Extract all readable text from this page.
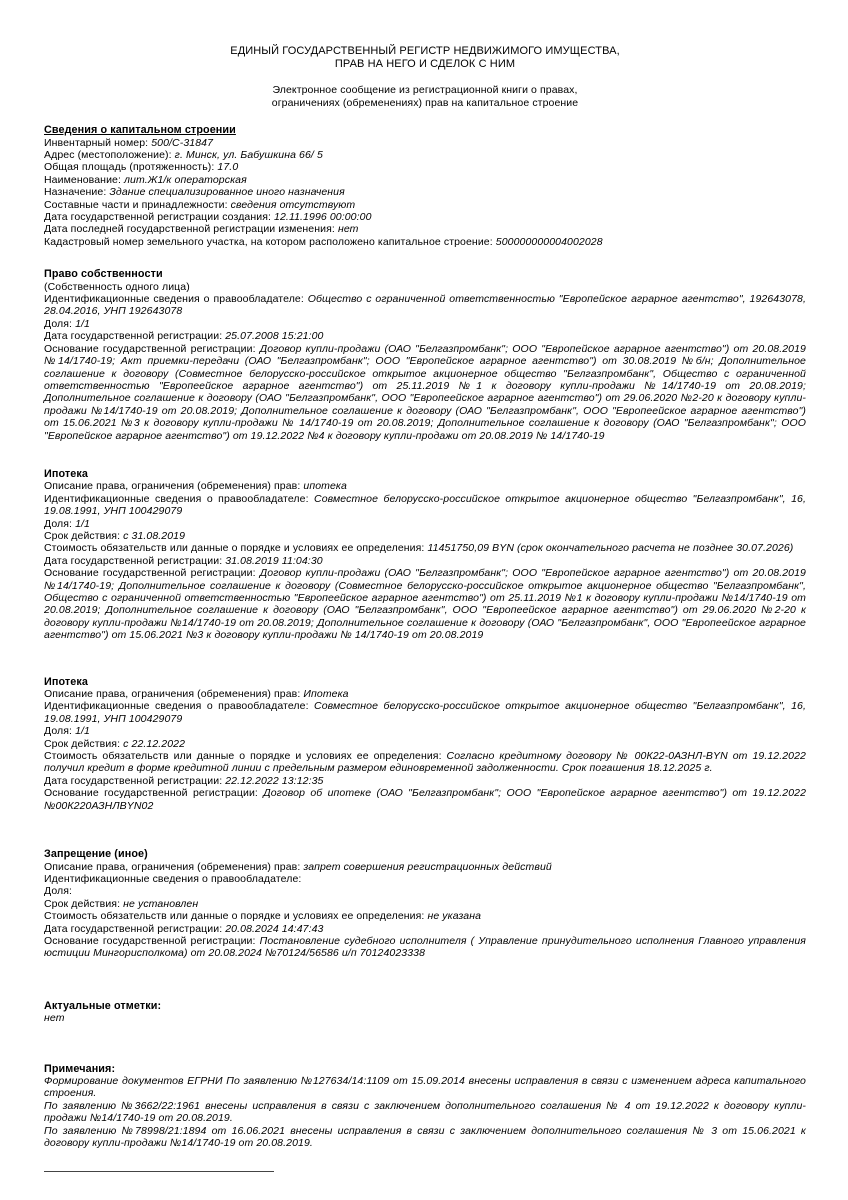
ЕДИНЫЙ ГОСУДАРСТВЕННЫЙ РЕГИСТР НЕДВИЖИМОГО ИМУЩЕСТВА,
ПРАВ НА НЕГО И СДЕЛОК С НИМ
Электронное сообщение из регистрационной книги о правах,
ограничениях (обременениях) прав на капитальное строение
Сведения о капитальном строении

Инвентарный номер: 500/С-31847

Адрес (местоположение): г. Минск, ул. Бабушкина 66/ 5

Общая площадь (протяженность): 17.0

Наименование: лит.Ж1/к операторская

Назначение: Здание специализированное иного назначения

Составные части и принадлежности: сведения отсутствуют

Дата государственной регистрации создания: 12.11.1996 00:00:00

Дата последней государственной регистрации изменения: нет

Кадастровый номер земельного участка, на котором расположено капитальное строение: 500000000004002028

Право собственности

(Собственность одного лица)

Идентификационные сведения о правообладателе: Общество с ограниченной ответственностью "Европейское аграрное агентство", 192643078, 28.04.2016, УНП 192643078

Доля: 1/1

Дата государственной регистрации: 25.07.2008 15:21:00

Основание государственной регистрации: Договор купли-продажи (ОАО "Белгазпромбанк"; ООО "Европейское аграрное агентство") от 20.08.2019 №14/1740-19; Акт приемки-передачи (ОАО "Белгазпромбанк"; ООО "Европейское аграрное агентство") от 30.08.2019 №б/н; Дополнительное соглашение к договору (Совместное белорусско-российское открытое акционерное общество "Белгазпромбанк", Общество с ограниченной ответственностью "Европеейское аграрное агентство") от 25.11.2019 №1 к договору купли-продажи №14/1740-19 от 20.08.2019; Дополнительное соглашение к договору (ОАО "Белгазпромбанк", ООО "Европеейское аграрное агентство") от 29.06.2020 №2-20 к договору купли-продажи №14/1740-19 от 20.08.2019; Дополнительное соглашение к договору (ОАО "Белгазпромбанк", ООО "Европеейское аграрное агентство") от 15.06.2021 №3 к договору купли-продажи № 14/1740-19 от 20.08.2019; Дополнительное соглашение к договору (ОАО "Белгазпромбанк"; ООО "Европейское аграрное агентство") от 19.12.2022 №4 к договору купли-продажи от 20.08.2019 № 14/1740-19

Ипотека

Описание права, ограничения (обременения) прав: ипотека

Идентификационные сведения о правообладателе: Совместное белорусско-российское открытое акционерное общество "Белгазпромбанк", 16, 19.08.1991, УНП 100429079

Доля: 1/1

Срок действия: с 31.08.2019

Стоимость обязательств или данные о порядке и условиях ее определения: 11451750,09 BYN (срок окончательного расчета не позднее 30.07.2026)

Дата государственной регистрации: 31.08.2019 11:04:30

Основание государственной регистрации: Договор купли-продажи (ОАО "Белгазпромбанк"; ООО "Европейское аграрное агентство") от 20.08.2019 №14/1740-19; Дополнительное соглашение к договору (Совместное белорусско-российское открытое акционерное общество "Белгазпромбанк", Общество с ограниченной ответственностью "Европеейское аграрное агентство") от 25.11.2019 №1 к договору купли-продажи №14/1740-19 от 20.08.2019; Дополнительное соглашение к договору (ОАО "Белгазпромбанк", ООО "Европеейское аграрное агентство") от 29.06.2020 №2-20 к договору купли-продажи №14/1740-19 от 20.08.2019; Дополнительное соглашение к договору (ОАО "Белгазпромбанк", ООО "Европеейское аграрное агентство") от 15.06.2021 №3 к договору купли-продажи № 14/1740-19 от 20.08.2019

Ипотека

Описание права, ограничения (обременения) прав: Ипотека

Идентификационные сведения о правообладателе: Совместное белорусско-российское открытое акционерное общество "Белгазпромбанк", 16, 19.08.1991, УНП 100429079

Доля: 1/1

Срок действия: с 22.12.2022

Стоимость обязательств или данные о порядке и условиях ее определения: Согласно кредитному договору № 00К22-0АЗНЛ-BYN от 19.12.2022 получил кредит в форме кредитной линии с предельным размером единовременной задолженности. Срок погашения 18.12.2025 г.

Дата государственной регистрации: 22.12.2022 13:12:35

Основание государственной регистрации: Договор об ипотеке (ОАО "Белгазпромбанк"; ООО "Европейское аграрное агентство") от 19.12.2022 №00К220АЗНЛBYN02

Запрещение (иное)

Описание права, ограничения (обременения) прав: запрет совершения регистрационных действий

Идентификационные сведения о правообладателе:

Доля:

Срок действия: не установлен

Стоимость обязательств или данные о порядке и условиях ее определения: не указана

Дата государственной регистрации: 20.08.2024 14:47:43

Основание государственной регистрации: Постановление судебного исполнителя ( Управление принудительного исполнения Главного управления юстиции Мингорисполкома) от 20.08.2024 №70124/56586 и/п 70124023338

Актуальные отметки:

нет

Примечания:

Формирование документов ЕГРНИ По заявлению №127634/14:1109 от 15.09.2014 внесены исправления в связи с изменением адреса капитального строения.

По заявлению №3662/22:1961 внесены исправления в связи с заключением дополнительного соглашения № 4 от 19.12.2022 к договору купли-продажи №14/1740-19 от 20.08.2019.

По заявлению №78998/21:1894 от 16.06.2021 внесены исправления в связи с заключением дополнительного соглашения № 3 от 15.06.2021 к договору купли-продажи №14/1740-19 от 20.08.2019.
